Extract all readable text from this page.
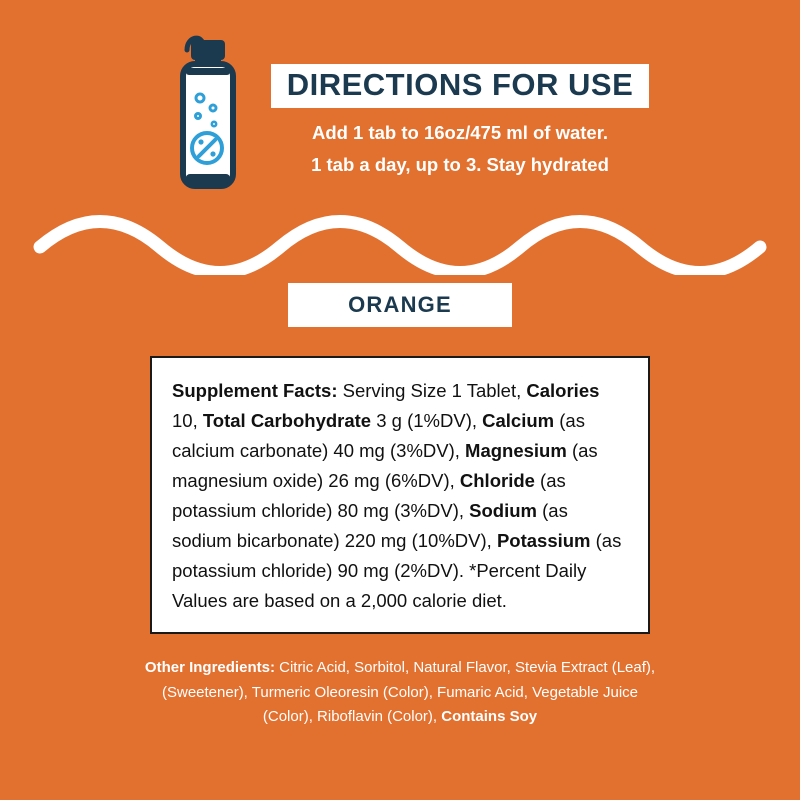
DIRECTIONS FOR USE
Add 1 tab to 16oz/475 ml of water.
1 tab a day, up to 3. Stay hydrated
ORANGE
Supplement Facts: Serving Size 1 Tablet, Calories 10, Total Carbohydrate 3 g (1%DV), Calcium (as calcium carbonate) 40 mg (3%DV), Magnesium (as magnesium oxide) 26 mg (6%DV), Chloride (as potassium chloride) 80 mg (3%DV), Sodium (as sodium bicarbonate) 220 mg (10%DV), Potassium (as potassium chloride) 90 mg (2%DV). *Percent Daily Values are based on a 2,000 calorie diet.
Other Ingredients: Citric Acid, Sorbitol, Natural Flavor, Stevia Extract (Leaf), (Sweetener), Turmeric Oleoresin (Color), Fumaric Acid, Vegetable Juice (Color), Riboflavin (Color), Contains Soy
